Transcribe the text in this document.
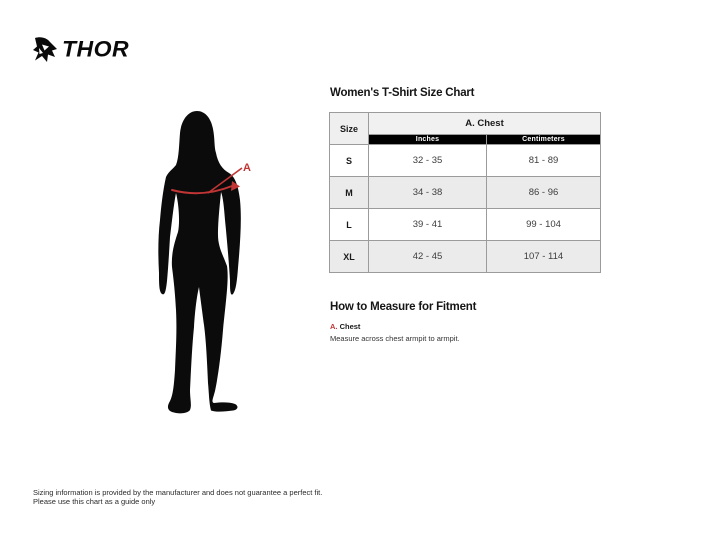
THOR
A
Women's T-Shirt Size Chart
Size	A. Chest	
	Inches	Centimeters
S	32 - 35	81 - 89
M	34 - 38	86 - 96
L	39 - 41	99 - 104
XL	42 - 45	107 - 114
How to Measure for Fitment
A. Chest
Measure across chest armpit to armpit.
Sizing information is provided by the manufacturer and does not guarantee a perfect fit.
Please use this chart as a guide only
